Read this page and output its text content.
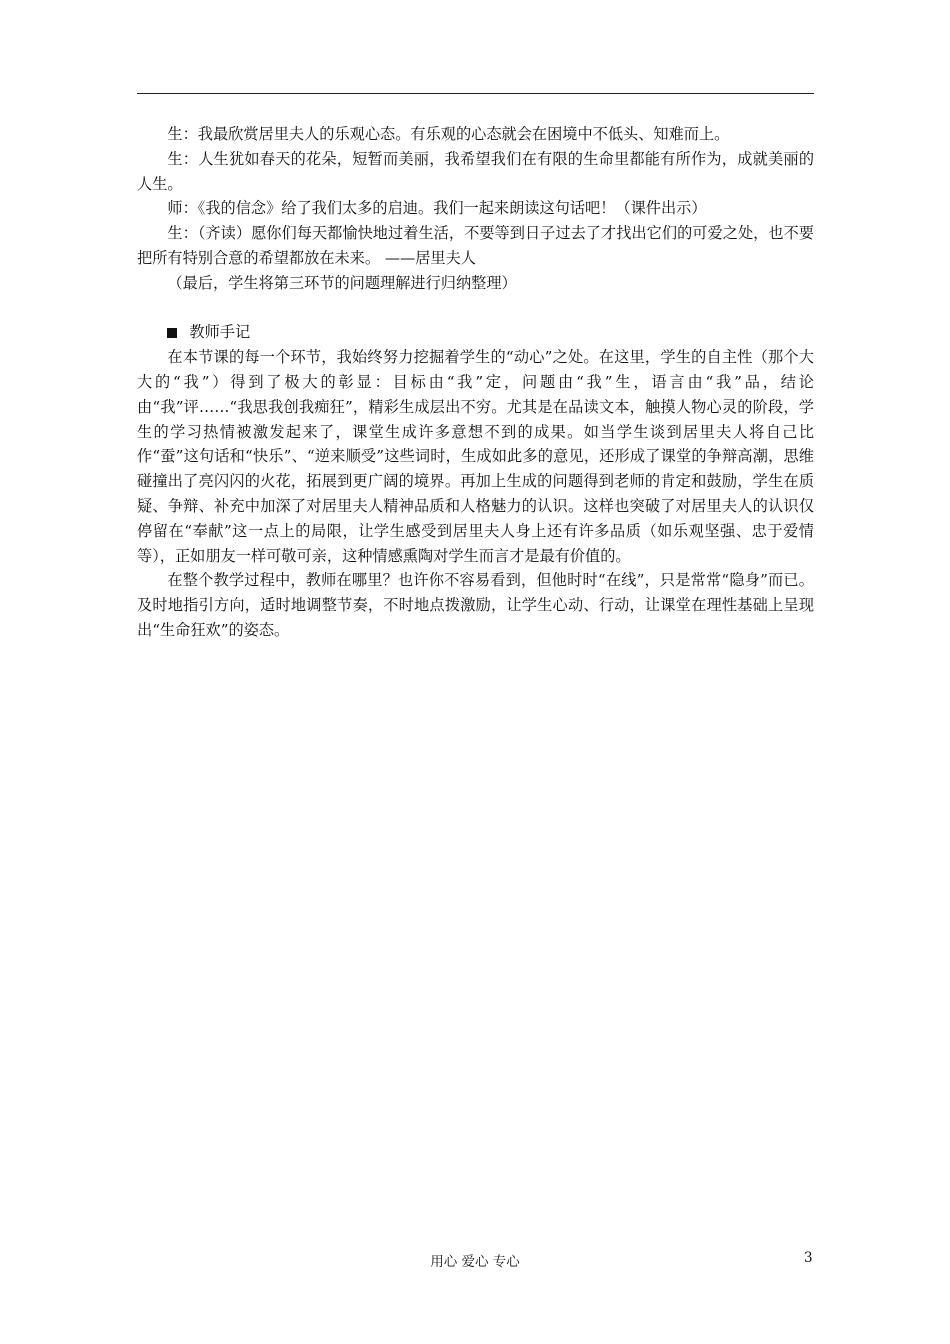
生：我最欣赏居里夫人的乐观心态。有乐观的心态就会在困境中不低头、知难而上。

生：人生犹如春天的花朵，短暂而美丽，我希望我们在有限的生命里都能有所作为，成就美丽的人生。

师：《我的信念》给了我们太多的启迪。我们一起来朗读这句话吧！（课件出示）

生：（齐读）愿你们每天都愉快地过着生活，不要等到日子过去了才找出它们的可爱之处，也不要把所有特别合意的希望都放在未来。 ——居里夫人

（最后，学生将第三环节的问题理解进行归纳整理）

教师手记

在本节课的每一个环节，我始终努力挖掘着学生的“动心”之处。在这里，学生的自主性（那个大大的“我”）得到了极大的彰显：目标由“我”定，问题由“我”生，语言由“我”品，结论由“我”评……“我思我创我痴狂”，精彩生成层出不穷。尤其是在品读文本，触摸人物心灵的阶段，学生的学习热情被激发起来了，课堂生成许多意想不到的成果。如当学生谈到居里夫人将自己比作“蚕”这句话和“快乐”、“逆来顺受”这些词时，生成如此多的意见，还形成了课堂的争辩高潮，思维碰撞出了亮闪闪的火花，拓展到更广阔的境界。再加上生成的问题得到老师的肯定和鼓励，学生在质疑、争辩、补充中加深了对居里夫人精神品质和人格魅力的认识。这样也突破了对居里夫人的认识仅停留在“奉献”这一点上的局限，让学生感受到居里夫人身上还有许多品质（如乐观坚强、忠于爱情等），正如朋友一样可敬可亲，这种情感熏陶对学生而言才是最有价值的。

在整个教学过程中，教师在哪里？也许你不容易看到，但他时时“在线”，只是常常“隐身”而已。及时地指引方向，适时地调整节奏，不时地点拨激励，让学生心动、行动，让课堂在理性基础上呈现出“生命狂欢”的姿态。

用心 爱心 专心	3
